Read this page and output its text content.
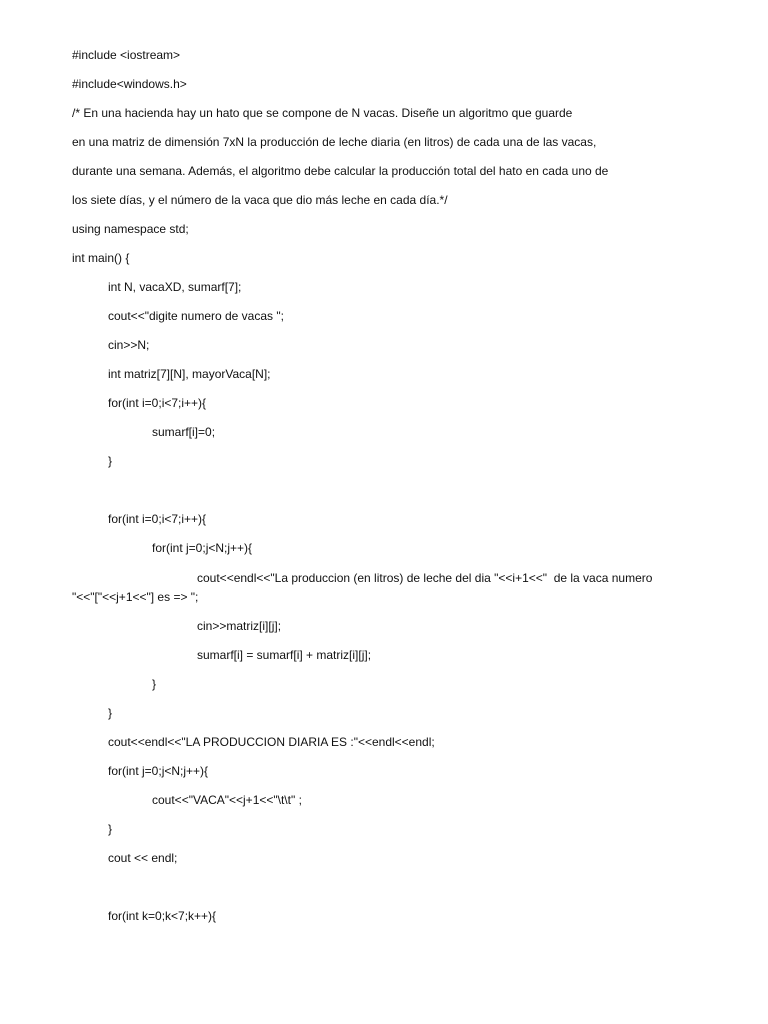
#include <iostream>
#include<windows.h>
/* En una hacienda hay un hato que se compone de N vacas. Diseñe un algoritmo que guarde
en una matriz de dimensión 7xN la producción de leche diaria (en litros) de cada una de las vacas,
durante una semana. Además, el algoritmo debe calcular la producción total del hato en cada uno de
los siete días, y el número de la vaca que dio más leche en cada día.*/
using namespace std;
int main() {
int N, vacaXD, sumarf[7];
cout<<"digite numero de vacas ";
cin>>N;
int matriz[7][N], mayorVaca[N];
for(int i=0;i<7;i++){
sumarf[i]=0;
}
for(int i=0;i<7;i++){
for(int j=0;j<N;j++){
cout<<endl<<"La produccion (en litros) de leche del dia "<<i+1<<"  de la vaca numero
"<<"["<<j+1<<"] es => ";
cin>>matriz[i][j];
sumarf[i] = sumarf[i] + matriz[i][j];
}
}
cout<<endl<<"LA PRODUCCION DIARIA ES :"<<endl<<endl;
for(int j=0;j<N;j++){
cout<<"VACA"<<j+1<<"\t\t" ;
}
cout << endl;
for(int k=0;k<7;k++){
